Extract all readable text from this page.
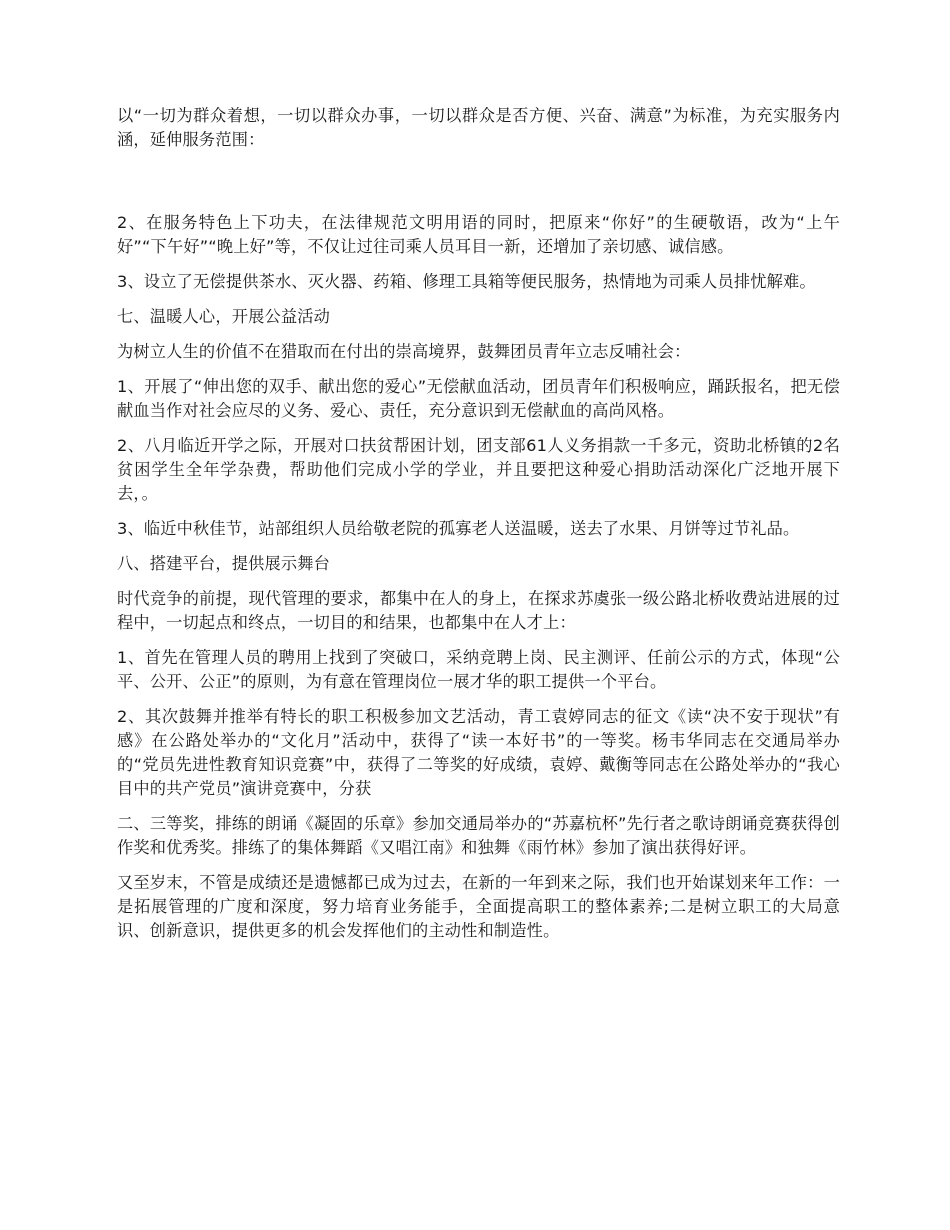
以“一切为群众着想，一切以群众办事，一切以群众是否方便、兴奋、满意”为标准，为充实服务内涵，延伸服务范围：

2、在服务特色上下功夫，在法律规范文明用语的同时，把原来“你好”的生硬敬语，改为“上午好”“下午好”“晚上好”等，不仅让过往司乘人员耳目一新，还增加了亲切感、诚信感。

3、设立了无偿提供茶水、灭火器、药箱、修理工具箱等便民服务，热情地为司乘人员排忧解难。

七、温暖人心，开展公益活动

为树立人生的价值不在猎取而在付出的崇高境界，鼓舞团员青年立志反哺社会：

1、开展了“伸出您的双手、献出您的爱心”无偿献血活动，团员青年们积极响应，踊跃报名，把无偿献血当作对社会应尽的义务、爱心、责任，充分意识到无偿献血的高尚风格。

2、八月临近开学之际，开展对口扶贫帮困计划，团支部61人义务捐款一千多元，资助北桥镇的2名贫困学生全年学杂费，帮助他们完成小学的学业，并且要把这种爱心捐助活动深化广泛地开展下去，。

3、临近中秋佳节，站部组织人员给敬老院的孤寡老人送温暖，送去了水果、月饼等过节礼品。

八、搭建平台，提供展示舞台

时代竞争的前提，现代管理的要求，都集中在人的身上，在探求苏虞张一级公路北桥收费站进展的过程中，一切起点和终点，一切目的和结果，也都集中在人才上：

1、首先在管理人员的聘用上找到了突破口，采纳竞聘上岗、民主测评、任前公示的方式，体现“公平、公开、公正”的原则，为有意在管理岗位一展才华的职工提供一个平台。

2、其次鼓舞并推举有特长的职工积极参加文艺活动，青工袁婷同志的征文《读“决不安于现状”有感》在公路处举办的“文化月”活动中，获得了“读一本好书”的一等奖。杨韦华同志在交通局举办的“党员先进性教育知识竞赛”中，获得了二等奖的好成绩，袁婷、戴衡等同志在公路处举办的“我心目中的共产党员”演讲竞赛中，分获

二、三等奖，排练的朗诵《凝固的乐章》参加交通局举办的“苏嘉杭杯”先行者之歌诗朗诵竞赛获得创作奖和优秀奖。排练了的集体舞蹈《又唱江南》和独舞《雨竹林》参加了演出获得好评。

又至岁末，不管是成绩还是遗憾都已成为过去，在新的一年到来之际，我们也开始谋划来年工作：一是拓展管理的广度和深度，努力培育业务能手，全面提高职工的整体素养;二是树立职工的大局意识、创新意识，提供更多的机会发挥他们的主动性和制造性。
